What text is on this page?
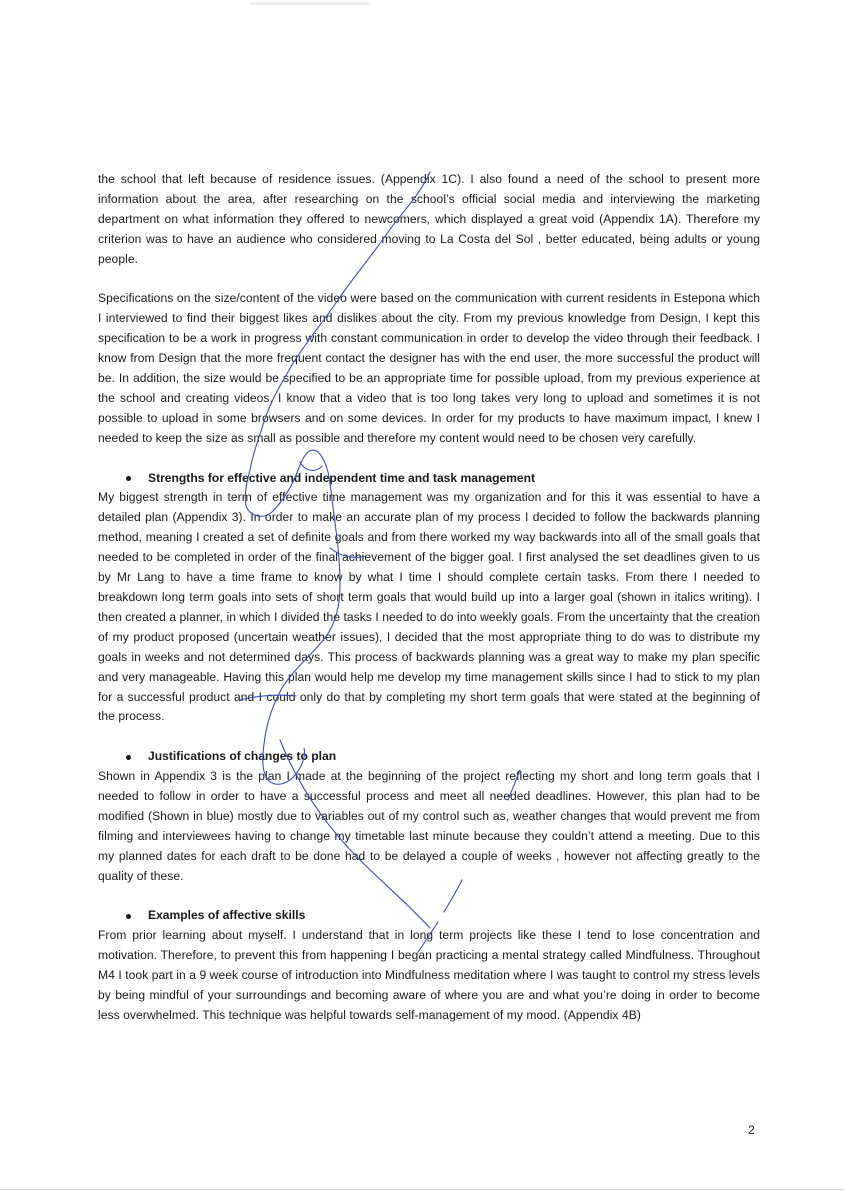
the school that left because of residence issues. (Appendix 1C). I also found a need of the school to present more information about the area, after researching on the school’s official social media and interviewing the marketing department on what information they offered to newcomers, which displayed a great void (Appendix 1A). Therefore my criterion was to have an audience who considered moving to La Costa del Sol , better educated, being adults or young people.

Specifications on the size/content of the video were based on the communication with current residents in Estepona which I interviewed to find their biggest likes and dislikes about the city. From my previous knowledge from Design, I kept this specification to be a work in progress with constant communication in order to develop the video through their feedback. I know from Design that the more frequent contact the designer has with the end user, the more successful the product will be. In addition, the size would be specified to be an appropriate time for possible upload, from my previous experience at the school and creating videos, I know that a video that is too long takes very long to upload and sometimes it is not possible to upload in some browsers and on some devices. In order for my products to have maximum impact, I knew I needed to keep the size as small as possible and therefore my content would need to be chosen very carefully.

Strengths for effective and independent time and task management

My biggest strength in term of effective time management was my organization and for this it was essential to have a detailed plan (Appendix 3). In order to make an accurate plan of my process I decided to follow the backwards planning method, meaning I created a set of definite goals and from there worked my way backwards into all of the small goals that needed to be completed in order of the final achievement of the bigger goal. I first analysed the set deadlines given to us by Mr Lang to have a time frame to know by what I time I should complete certain tasks. From there I needed to breakdown long term goals into sets of short term goals that would build up into a larger goal (shown in italics writing). I then created a planner, in which I divided the tasks I needed to do into weekly goals. From the uncertainty that the creation of my product proposed (uncertain weather issues), I decided that the most appropriate thing to do was to distribute my goals in weeks and not determined days. This process of backwards planning was a great way to make my plan specific and very manageable. Having this plan would help me develop my time management skills since I had to stick to my plan for a successful product and I could only do that by completing my short term goals that were stated at the beginning of the process.

Justifications of changes to plan

Shown in Appendix 3 is the plan I made at the beginning of the project reflecting my short and long term goals that I needed to follow in order to have a successful process and meet all needed deadlines. However, this plan had to be modified (Shown in blue) mostly due to variables out of my control such as, weather changes that would prevent me from filming and interviewees having to change my timetable last minute because they couldn’t attend a meeting. Due to this my planned dates for each draft to be done had to be delayed a couple of weeks , however not affecting greatly to the quality of these.

Examples of affective skills

From prior learning about myself. I understand that in long term projects like these I tend to lose concentration and motivation. Therefore, to prevent this from happening I began practicing a mental strategy called Mindfulness. Throughout M4 I took part in a 9 week course of introduction into Mindfulness meditation where I was taught to control my stress levels by being mindful of your surroundings and becoming aware of where you are and what you’re doing in order to become less overwhelmed. This technique was helpful towards self-management of my mood. (Appendix 4B)

2
